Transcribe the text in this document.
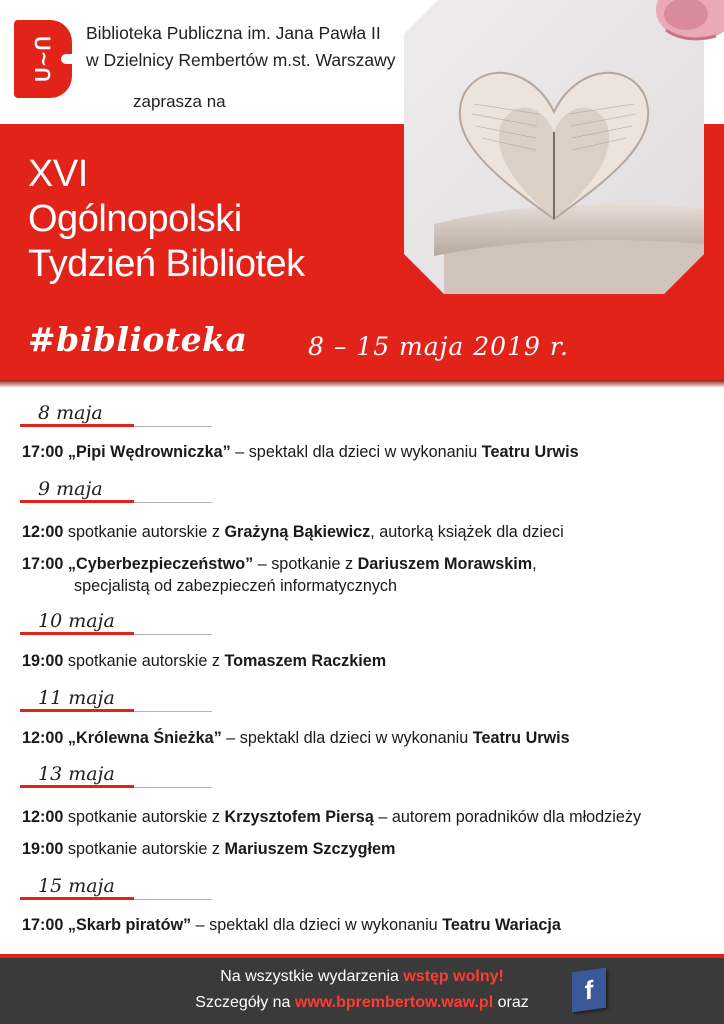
ᑌ~ᑎ
Biblioteka Publiczna im. Jana Pawła II
w Dzielnicy Rembertów m.st. Warszawy
zaprasza na
XVI
Ogólnopolski
Tydzień Bibliotek
#biblioteka 8 – 15 maja 2019 r.
8 maja
17:00 „Pipi Wędrowniczka” – spektakl dla dzieci w wykonaniu Teatru Urwis
9 maja
12:00 spotkanie autorskie z Grażyną Bąkiewicz, autorką książek dla dzieci
17:00 „Cyberbezpieczeństwo” – spotkanie z Dariuszem Morawskim,
specjalistą od zabezpieczeń informatycznych
10 maja
19:00 spotkanie autorskie z Tomaszem Raczkiem
11 maja
12:00 „Królewna Śnieżka” – spektakl dla dzieci w wykonaniu Teatru Urwis
13 maja
12:00 spotkanie autorskie z Krzysztofem Piersą – autorem poradników dla młodzieży
19:00 spotkanie autorskie z Mariuszem Szczygłem
15 maja
17:00 „Skarb piratów” – spektakl dla dzieci w wykonaniu Teatru Wariacja
Na wszystkie wydarzenia wstęp wolny!
Szczegóły na www.bprembertow.waw.pl oraz	f
